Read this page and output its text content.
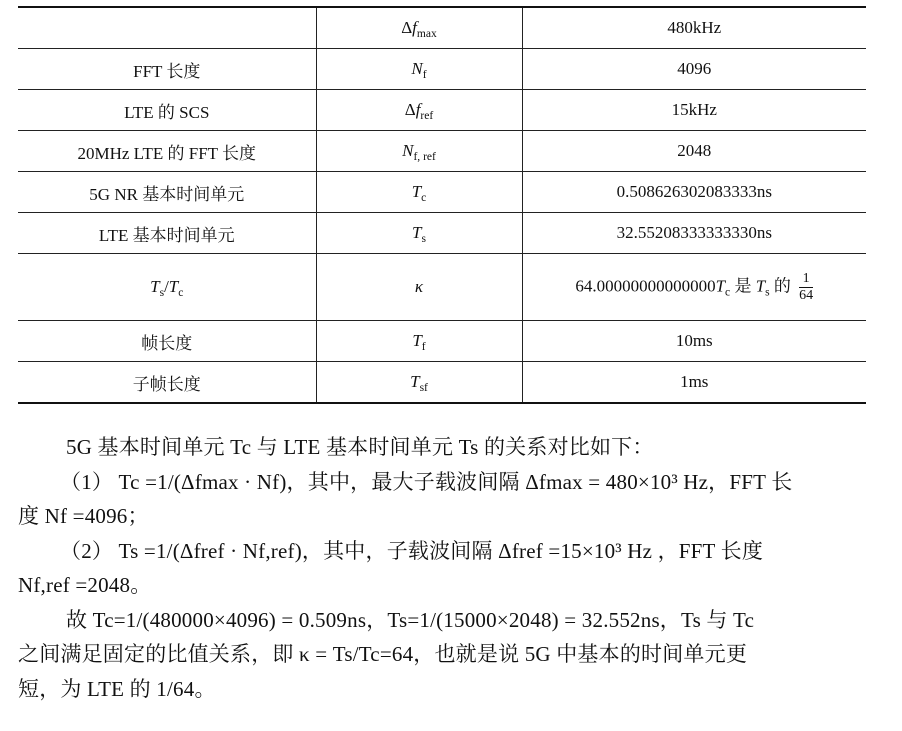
	$\Delta f_{max}$	480kHz
FFT 长度	$N_f$	4096
LTE 的 SCS	$\Delta f_{ref}$	15kHz
20MHz LTE 的 FFT 长度	$N_{f, ref}$	2048
5G NR 基本时间单元	$T_c$	0.508626302083333ns
LTE 基本时间单元	$T_s$	32.55208333333330ns
$T_s/T_c$	κ	$64.00000000000000T_c$ 是 $T_s$ 的 $\frac{1}{64}$

帧长度	$T_f$	10ms
子帧长度	$T_{sf}$	1ms

5G 基本时间单元 Tc 与 LTE 基本时间单元 Ts 的关系对比如下：

（1） Tc =1/(Δfmax · Nf)，其中，最大子载波间隔 Δfmax = 480×10³ Hz，FFT 长

度 Nf =4096；

（2） Ts =1/(Δfref · Nf,ref)，其中，子载波间隔 Δfref =15×10³ Hz ，FFT 长度

Nf,ref =2048。

故 Tc=1/(480000×4096) = 0.509ns，Ts=1/(15000×2048) = 32.552ns，Ts 与 Tc

之间满足固定的比值关系，即 κ = Ts/Tc=64，也就是说 5G 中基本的时间单元更

短，为 LTE 的 1/64。
